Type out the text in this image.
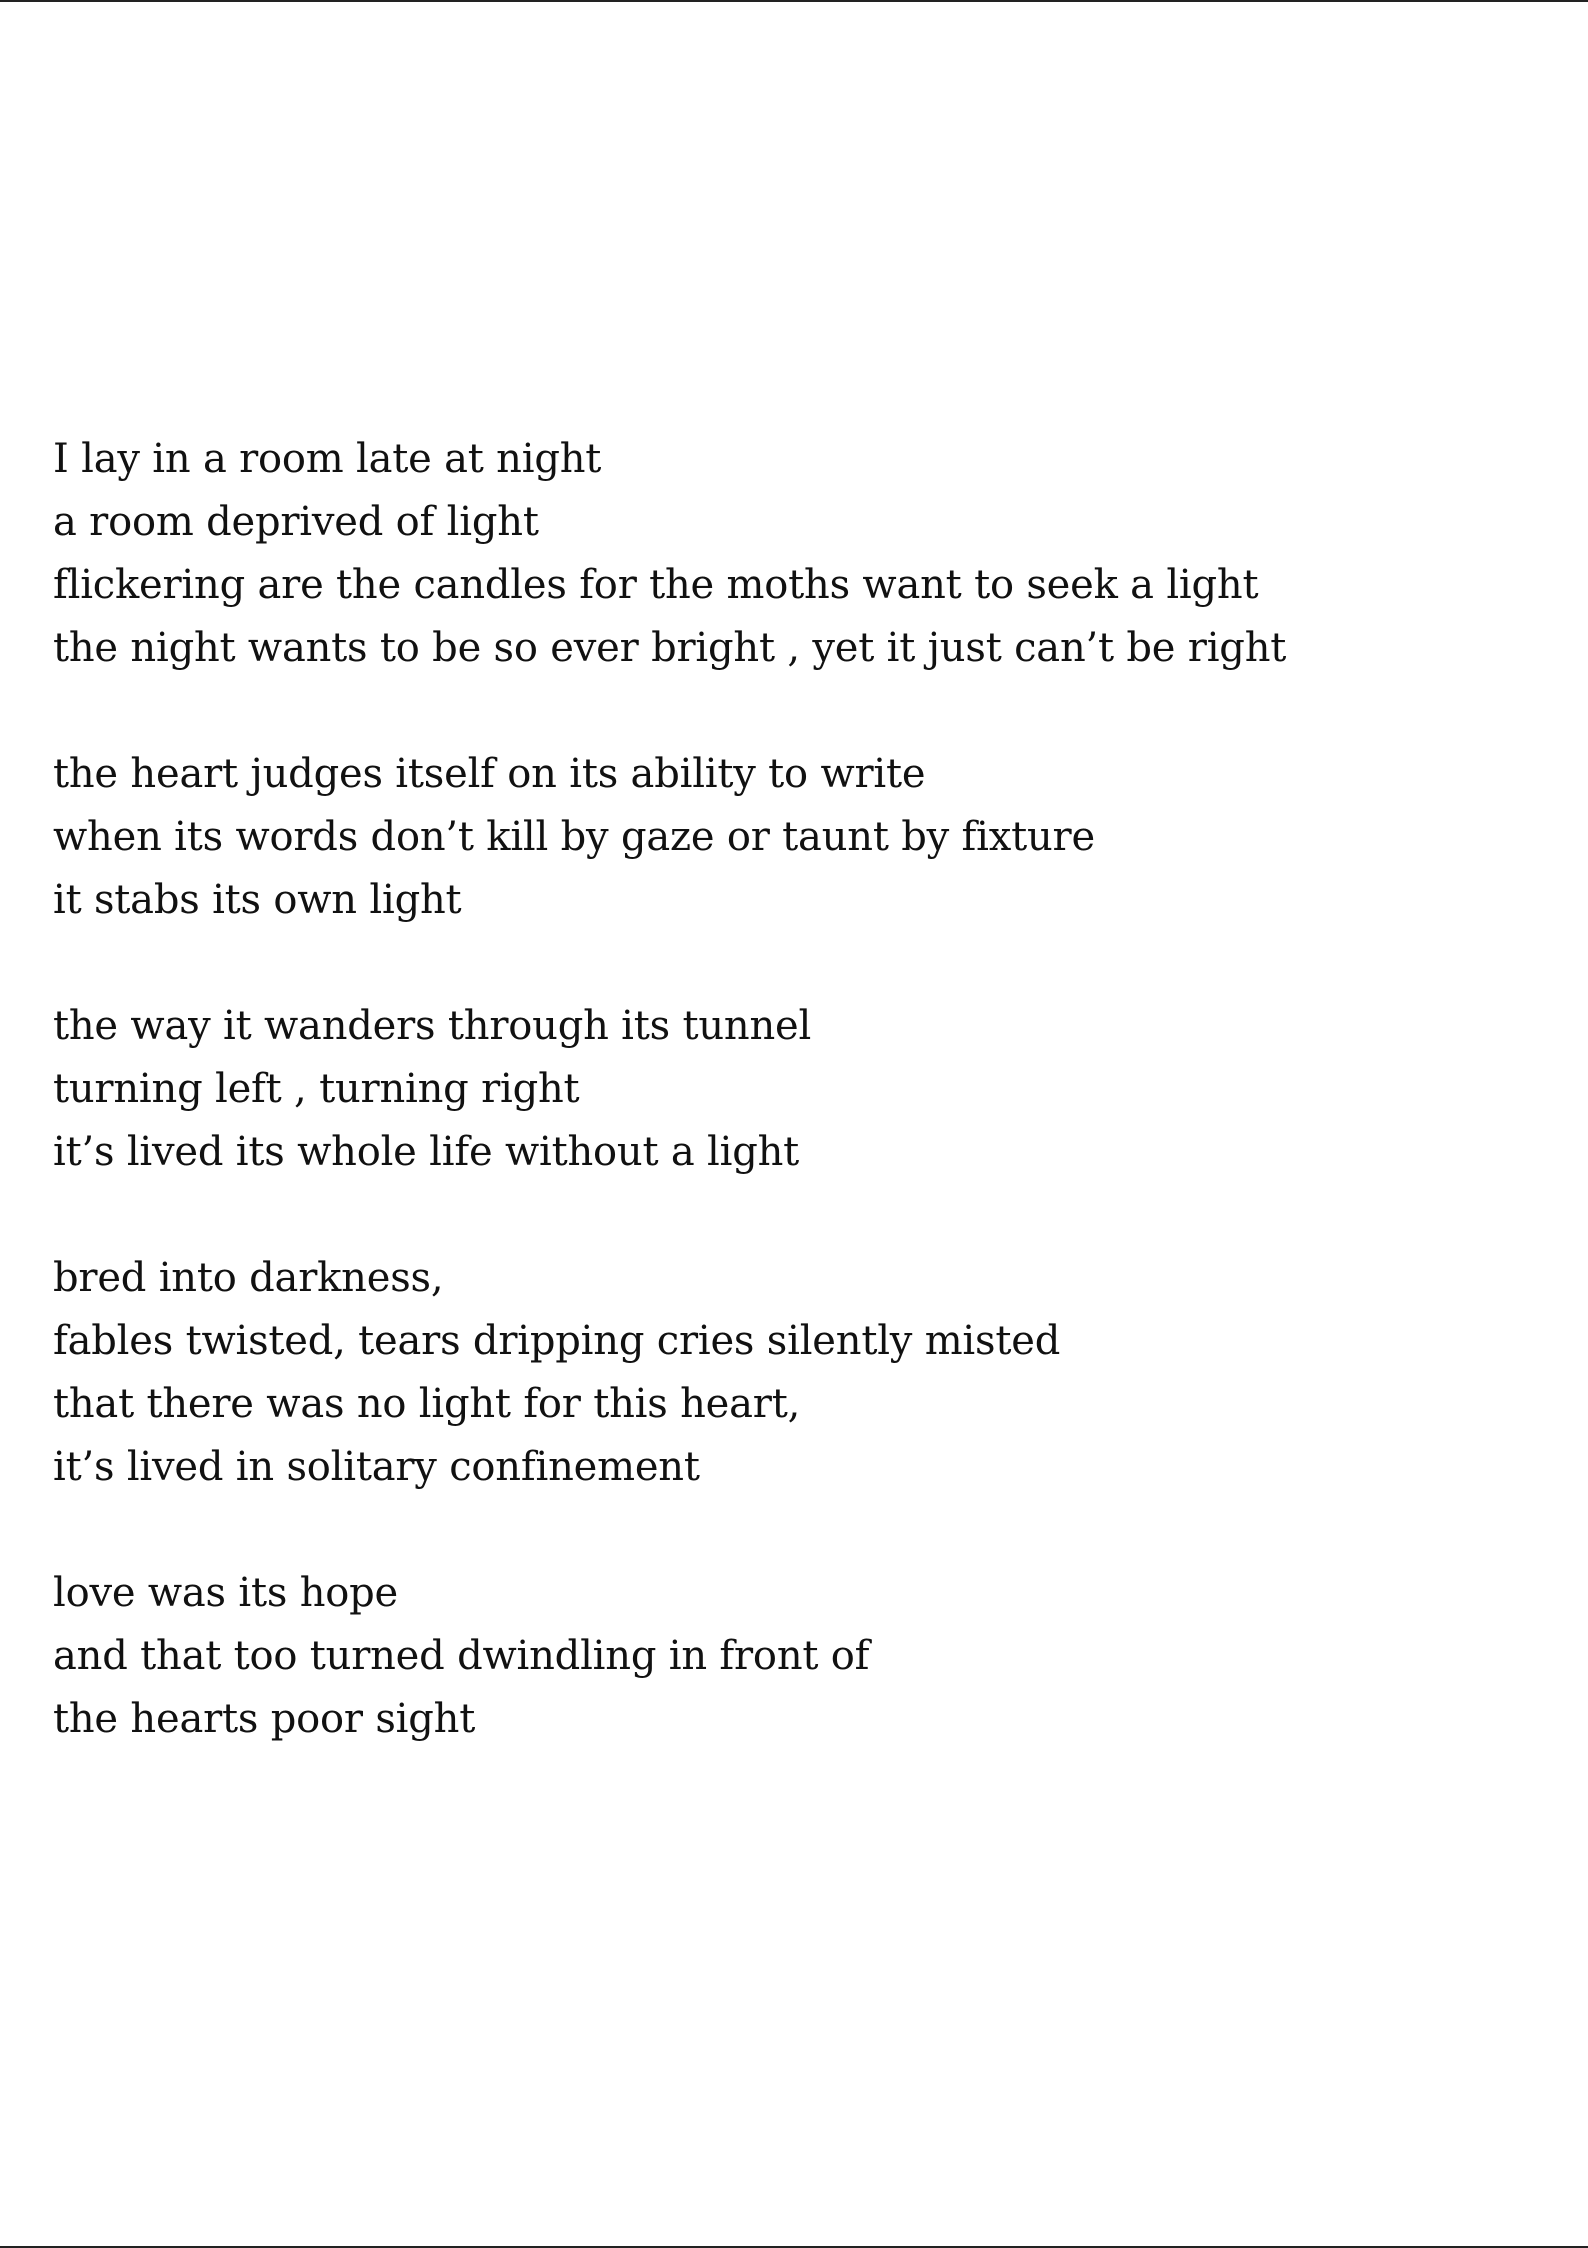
I lay in a room late at night
a room deprived of light
flickering are the candles for the moths want to seek a light
the night wants to be so ever bright , yet it just can’t be right
the heart judges itself on its ability to write
when its words don’t kill by gaze or taunt by fixture
it stabs its own light
the way it wanders through its tunnel
turning left , turning right
it’s lived its whole life without a light
bred into darkness,
fables twisted, tears dripping cries silently misted
that there was no light for this heart,
it’s lived in solitary confinement
love was its hope
and that too turned dwindling in front of
the hearts poor sight
